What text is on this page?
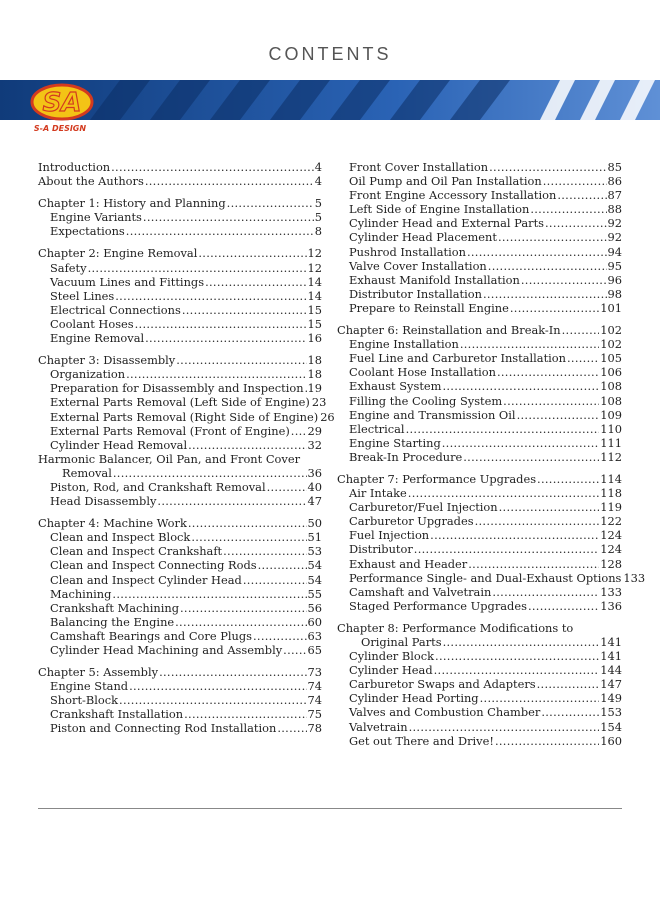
CONTENTS
SA
S-A DESIGN
Introduction .....	4
About the Authors .....	4
Chapter 1: History and Planning .....	5
Engine Variants .....	5
Expectations .....	8
Chapter 2: Engine Removal .....	12
Safety .....	12
Vacuum Lines and Fittings .....	14
Steel Lines .....	14
Electrical Connections .....	15
Coolant Hoses .....	15
Engine Removal .....	16
Chapter 3: Disassembly .....	18
Organization .....	18
Preparation for Disassembly and Inspection ..... 19
External Parts Removal (Left Side of Engine) 23
External Parts Removal (Right Side of Engine) 26
External Parts Removal (Front of Engine) ..... 29
Cylinder Head Removal .....	32
Harmonic Balancer, Oil Pan, and Front Cover
Removal .....	36
Piston, Rod, and Crankshaft Removal .....	40
Head Disassembly .....	47
Chapter 4: Machine Work .....	50
Clean and Inspect Block .....	51
Clean and Inspect Crankshaft .....	53
Clean and Inspect Connecting Rods .....	54
Clean and Inspect Cylinder Head .....	54
Machining .....	55
Crankshaft Machining .....	56
Balancing the Engine .....	60
Camshaft Bearings and Core Plugs .....	63
Cylinder Head Machining and Assembly ..... 65
Chapter 5: Assembly .....	73
Engine Stand .....	74
Short-Block .....	74
Crankshaft Installation .....	75
Piston and Connecting Rod Installation .....	78
Front Cover Installation .....	85
Oil Pump and Oil Pan Installation .....	86
Front Engine Accessory Installation .....	87
Left Side of Engine Installation .....	88
Cylinder Head and External Parts .....	92
Cylinder Head Placement .....	92
Pushrod Installation .....	94
Valve Cover Installation .....	95
Exhaust Manifold Installation .....	96
Distributor Installation .....	98
Prepare to Reinstall Engine .....	101
Chapter 6: Reinstallation and Break-In .....	102
Engine Installation .....	102
Fuel Line and Carburetor Installation .....	105
Coolant Hose Installation .....	106
Exhaust System .....	108
Filling the Cooling System .....	108
Engine and Transmission Oil .....	109
Electrical .....	110
Engine Starting .....	111
Break-In Procedure .....	112
Chapter 7: Performance Upgrades .....	114
Air Intake .....	118
Carburetor/Fuel Injection .....	119
Carburetor Upgrades .....	122
Fuel Injection .....	124
Distributor .....	124
Exhaust and Header .....	128
Performance Single- and Dual-Exhaust Options 133
Camshaft and Valvetrain .....	133
Staged Performance Upgrades .....	136
Chapter 8: Performance Modifications to
Original Parts .....	141
Cylinder Block .....	141
Cylinder Head .....	144
Carburetor Swaps and Adapters .....	147
Cylinder Head Porting .....	149
Valves and Combustion Chamber .....	153
Valvetrain .....	154
Get out There and Drive! .....	160
